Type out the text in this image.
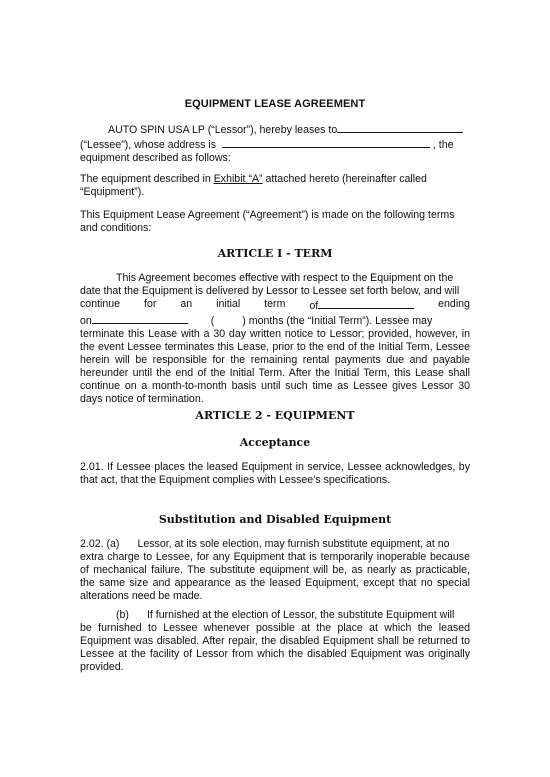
EQUIPMENT LEASE AGREEMENT
AUTO SPIN USA LP (“Lessor”), hereby leases to
(“Lessee”), whose address is	, the
equipment described as follows:
The equipment described in Exhibit “A” attached hereto (hereinafter called
“Equipment”).
This Equipment Lease Agreement (“Agreement”) is made on the following terms and conditions:
ARTICLE I - TERM
This Agreement becomes effective with respect to the Equipment on the
date that the Equipment is delivered by Lessor to Lessee set forth below, and will
continue for an initial term of	ending
on	(	) months (the “Initial Term”). Lessee may
terminate this Lease with a 30 day written notice to Lessor; provided, however, in the event Lessee terminates this Lease, prior to the end of the Initial Term, Lessee herein will be responsible for the remaining rental payments due and payable hereunder until the end of the Initial Term. After the Initial Term, this Lease shall continue on a month-to-month basis until such time as Lessee gives Lessor 30 days notice of termination.
ARTICLE 2 - EQUIPMENT
Acceptance
2.01. If Lessee places the leased Equipment in service, Lessee acknowledges, by that act, that the Equipment complies with Lessee’s specifications.
Substitution and Disabled Equipment
2.02. (a) Lessor, at its sole election, may furnish substitute equipment, at no
extra charge to Lessee, for any Equipment that is temporarily inoperable because of mechanical failure. The substitute equipment will be, as nearly as practicable, the same size and appearance as the leased Equipment, except that no special alterations need be made.
(b) If furnished at the election of Lessor, the substitute Equipment will
be furnished to Lessee whenever possible at the place at which the leased Equipment was disabled. After repair, the disabled Equipment shall be returned to Lessee at the facility of Lessor from which the disabled Equipment was originally provided.
